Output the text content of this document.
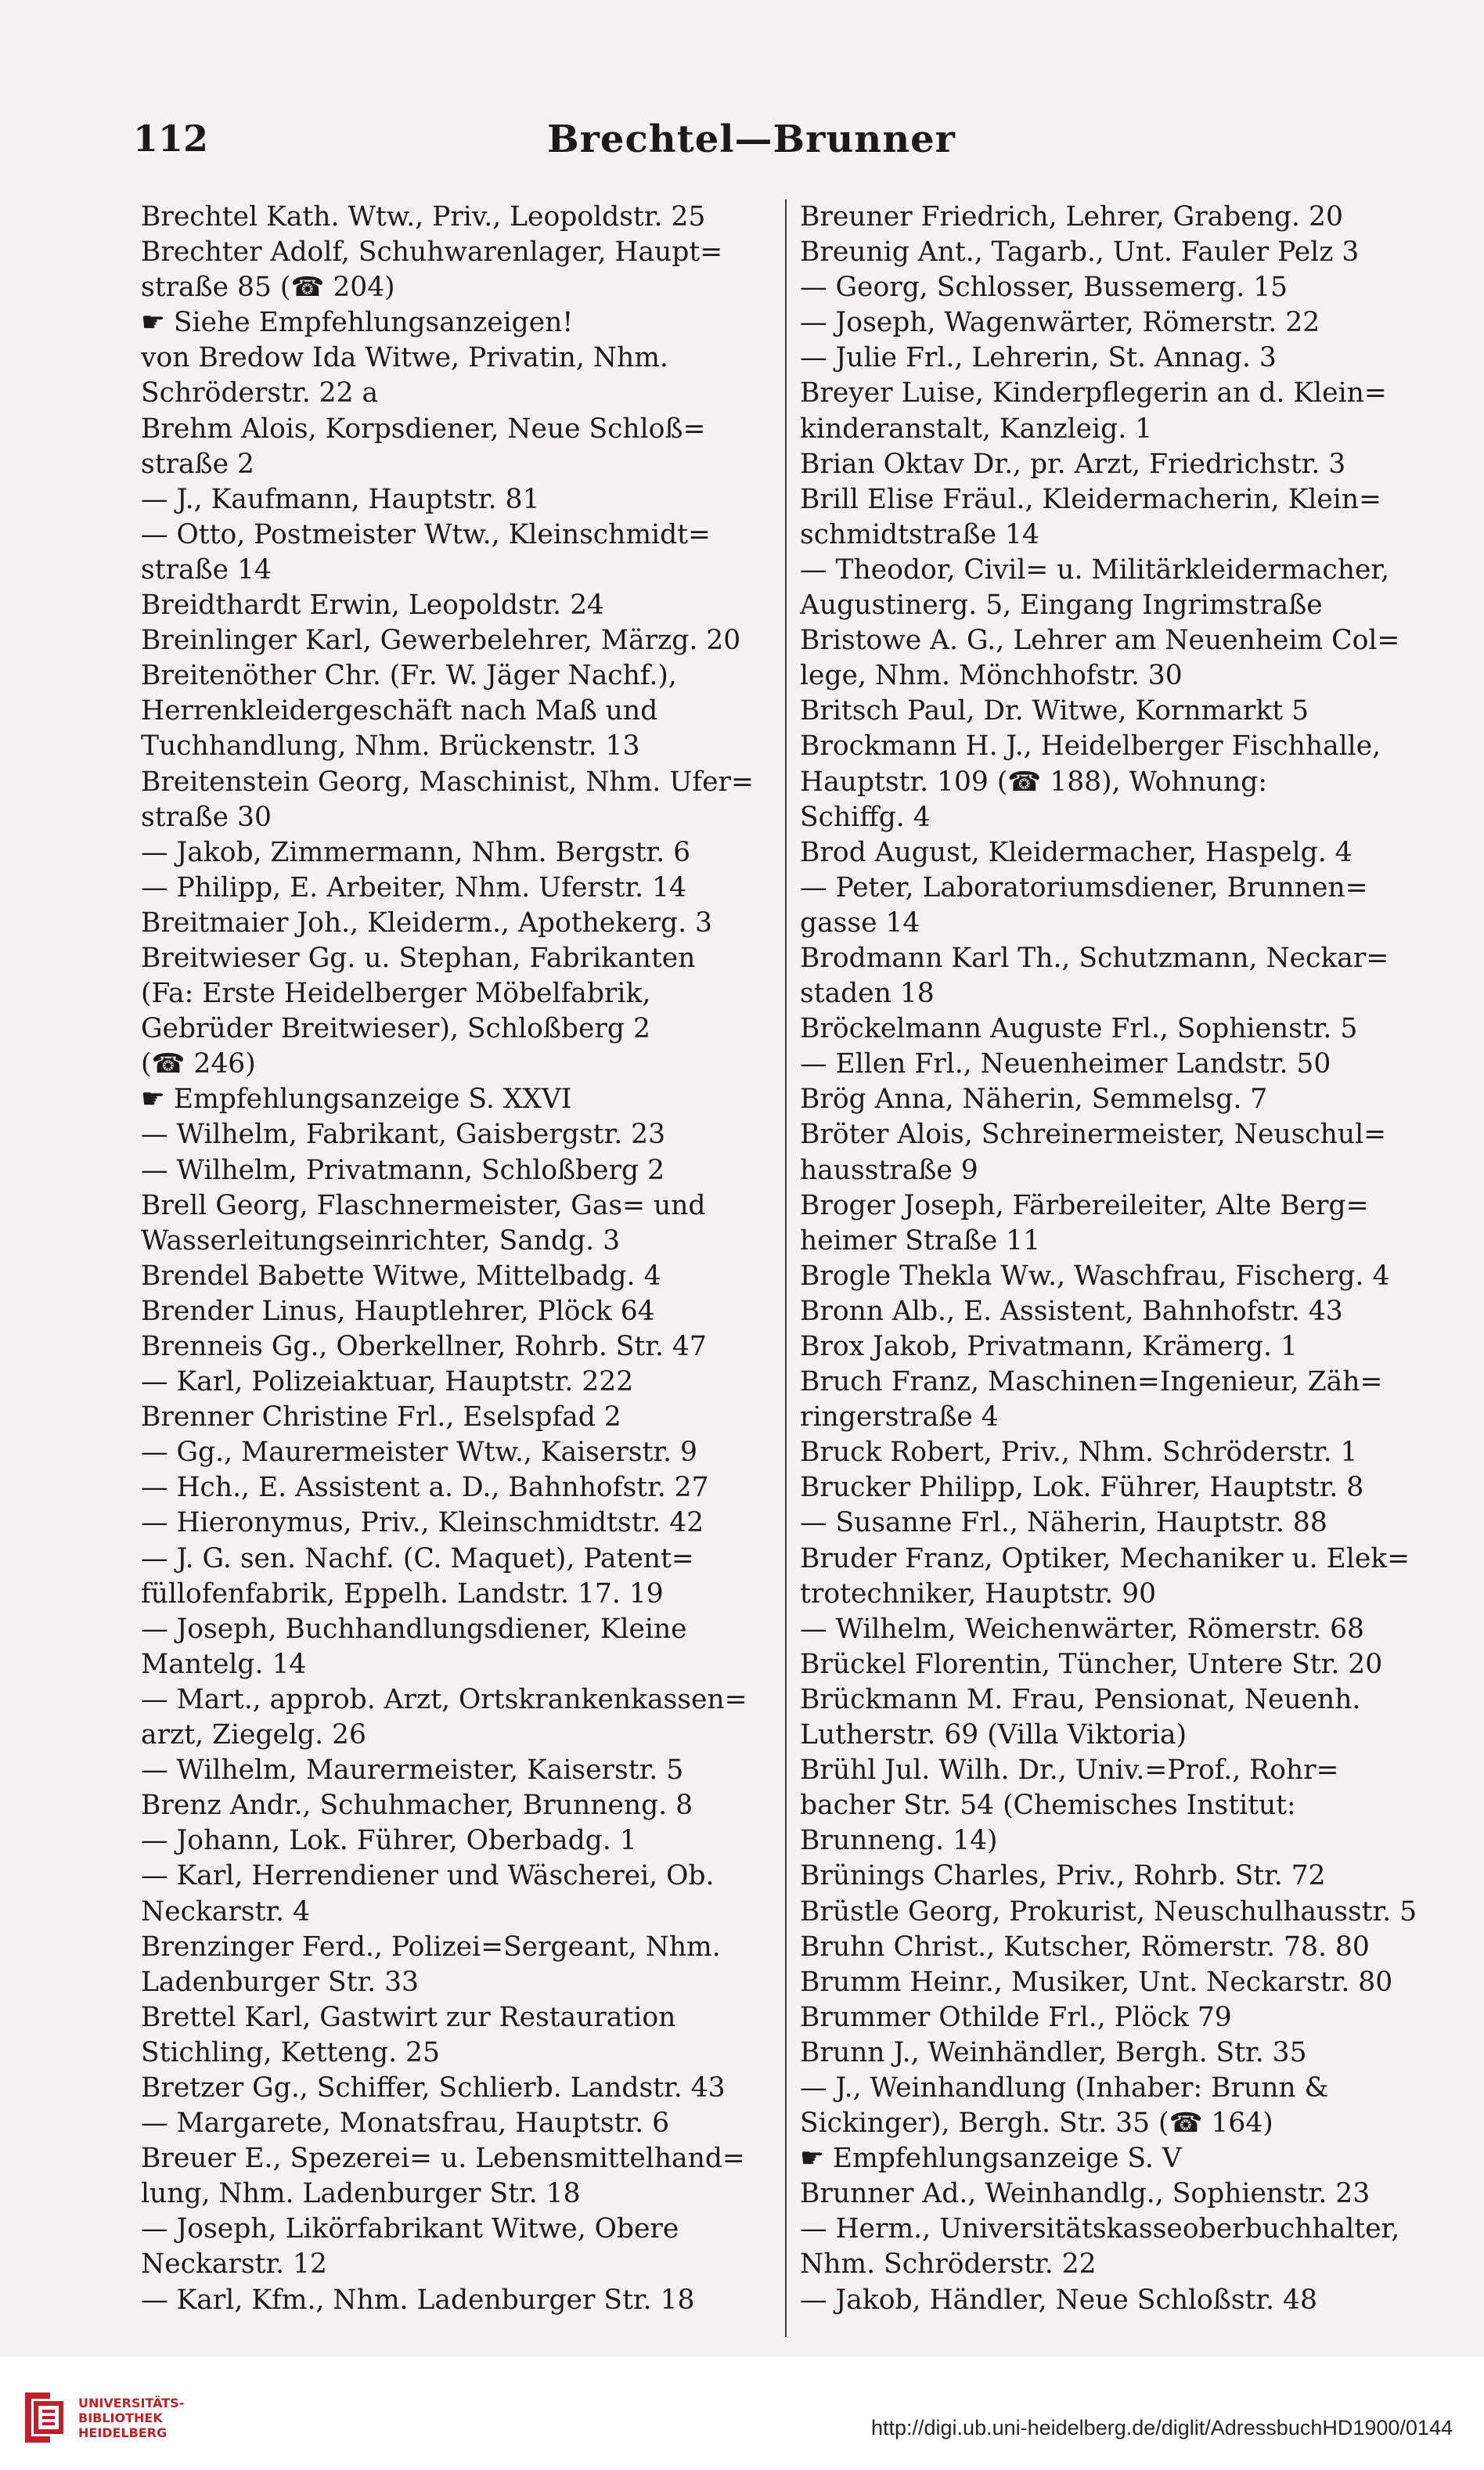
112	Brechtel—Brunner
Brechtel Kath. Wtw., Priv., Leopoldstr. 25
Brechter Adolf, Schuhwarenlager, Haupt=
straße 85 (☎ 204)
☛ Siehe Empfehlungsanzeigen!
von Bredow Ida Witwe, Privatin, Nhm.
Schröderstr. 22 a
Brehm Alois, Korpsdiener, Neue Schloß=
straße 2
— J., Kaufmann, Hauptstr. 81
— Otto, Postmeister Wtw., Kleinschmidt=
straße 14
Breidthardt Erwin, Leopoldstr. 24
Breinlinger Karl, Gewerbelehrer, Märzg. 20
Breitenöther Chr. (Fr. W. Jäger Nachf.),
Herrenkleidergeschäft nach Maß und
Tuchhandlung, Nhm. Brückenstr. 13
Breitenstein Georg, Maschinist, Nhm. Ufer=
straße 30
— Jakob, Zimmermann, Nhm. Bergstr. 6
— Philipp, E. Arbeiter, Nhm. Uferstr. 14
Breitmaier Joh., Kleiderm., Apothekerg. 3
Breitwieser Gg. u. Stephan, Fabrikanten
(Fa: Erste Heidelberger Möbelfabrik,
Gebrüder Breitwieser), Schloßberg 2
(☎ 246)
☛ Empfehlungsanzeige S. XXVI
— Wilhelm, Fabrikant, Gaisbergstr. 23
— Wilhelm, Privatmann, Schloßberg 2
Brell Georg, Flaschnermeister, Gas= und
Wasserleitungseinrichter, Sandg. 3
Brendel Babette Witwe, Mittelbadg. 4
Brender Linus, Hauptlehrer, Plöck 64
Brenneis Gg., Oberkellner, Rohrb. Str. 47
— Karl, Polizeiaktuar, Hauptstr. 222
Brenner Christine Frl., Eselspfad 2
— Gg., Maurermeister Wtw., Kaiserstr. 9
— Hch., E. Assistent a. D., Bahnhofstr. 27
— Hieronymus, Priv., Kleinschmidtstr. 42
— J. G. sen. Nachf. (C. Maquet), Patent=
füllofenfabrik, Eppelh. Landstr. 17. 19
— Joseph, Buchhandlungsdiener, Kleine
Mantelg. 14
— Mart., approb. Arzt, Ortskrankenkassen=
arzt, Ziegelg. 26
— Wilhelm, Maurermeister, Kaiserstr. 5
Brenz Andr., Schuhmacher, Brunneng. 8
— Johann, Lok. Führer, Oberbadg. 1
— Karl, Herrendiener und Wäscherei, Ob.
Neckarstr. 4
Brenzinger Ferd., Polizei=Sergeant, Nhm.
Ladenburger Str. 33
Brettel Karl, Gastwirt zur Restauration
Stichling, Ketteng. 25
Bretzer Gg., Schiffer, Schlierb. Landstr. 43
— Margarete, Monatsfrau, Hauptstr. 6
Breuer E., Spezerei= u. Lebensmittelhand=
lung, Nhm. Ladenburger Str. 18
— Joseph, Likörfabrikant Witwe, Obere
Neckarstr. 12
— Karl, Kfm., Nhm. Ladenburger Str. 18
Breuner Friedrich, Lehrer, Grabeng. 20
Breunig Ant., Tagarb., Unt. Fauler Pelz 3
— Georg, Schlosser, Bussemerg. 15
— Joseph, Wagenwärter, Römerstr. 22
— Julie Frl., Lehrerin, St. Annag. 3
Breyer Luise, Kinderpflegerin an d. Klein=
kinderanstalt, Kanzleig. 1
Brian Oktav Dr., pr. Arzt, Friedrichstr. 3
Brill Elise Fräul., Kleidermacherin, Klein=
schmidtstraße 14
— Theodor, Civil= u. Militärkleidermacher,
Augustinerg. 5, Eingang Ingrimstraße
Bristowe A. G., Lehrer am Neuenheim Col=
lege, Nhm. Mönchhofstr. 30
Britsch Paul, Dr. Witwe, Kornmarkt 5
Brockmann H. J., Heidelberger Fischhalle,
Hauptstr. 109 (☎ 188), Wohnung:
Schiffg. 4
Brod August, Kleidermacher, Haspelg. 4
— Peter, Laboratoriumsdiener, Brunnen=
gasse 14
Brodmann Karl Th., Schutzmann, Neckar=
staden 18
Bröckelmann Auguste Frl., Sophienstr. 5
— Ellen Frl., Neuenheimer Landstr. 50
Brög Anna, Näherin, Semmelsg. 7
Bröter Alois, Schreinermeister, Neuschul=
hausstraße 9
Broger Joseph, Färbereileiter, Alte Berg=
heimer Straße 11
Brogle Thekla Ww., Waschfrau, Fischerg. 4
Bronn Alb., E. Assistent, Bahnhofstr. 43
Brox Jakob, Privatmann, Krämerg. 1
Bruch Franz, Maschinen=Ingenieur, Zäh=
ringerstraße 4
Bruck Robert, Priv., Nhm. Schröderstr. 1
Brucker Philipp, Lok. Führer, Hauptstr. 8
— Susanne Frl., Näherin, Hauptstr. 88
Bruder Franz, Optiker, Mechaniker u. Elek=
trotechniker, Hauptstr. 90
— Wilhelm, Weichenwärter, Römerstr. 68
Brückel Florentin, Tüncher, Untere Str. 20
Brückmann M. Frau, Pensionat, Neuenh.
Lutherstr. 69 (Villa Viktoria)
Brühl Jul. Wilh. Dr., Univ.=Prof., Rohr=
bacher Str. 54 (Chemisches Institut:
Brunneng. 14)
Brünings Charles, Priv., Rohrb. Str. 72
Brüstle Georg, Prokurist, Neuschulhausstr. 5
Bruhn Christ., Kutscher, Römerstr. 78. 80
Brumm Heinr., Musiker, Unt. Neckarstr. 80
Brummer Othilde Frl., Plöck 79
Brunn J., Weinhändler, Bergh. Str. 35
— J., Weinhandlung (Inhaber: Brunn &
Sickinger), Bergh. Str. 35 (☎ 164)
☛ Empfehlungsanzeige S. V
Brunner Ad., Weinhandlg., Sophienstr. 23
— Herm., Universitätskasseoberbuchhalter,
Nhm. Schröderstr. 22
— Jakob, Händler, Neue Schloßstr. 48
UNIVERSITÄTS-
BIBLIOTHEK
HEIDELBERG	http://digi.ub.uni-heidelberg.de/diglit/AdressbuchHD1900/0144
